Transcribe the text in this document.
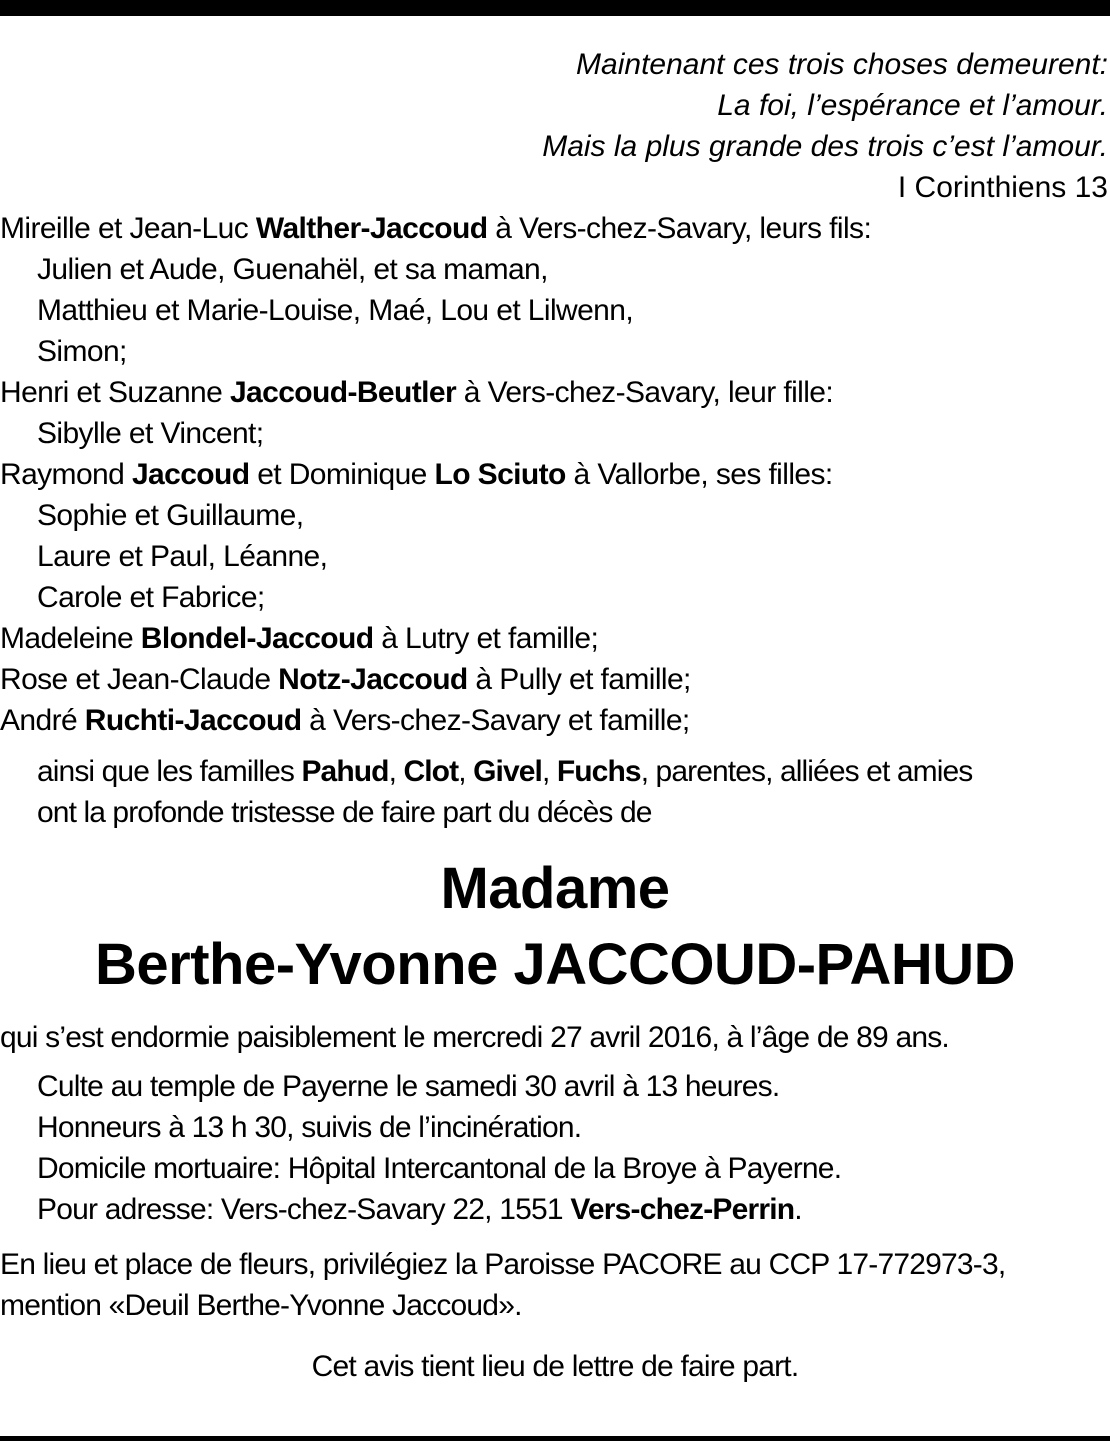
Maintenant ces trois choses demeurent:
La foi, l’espérance et l’amour.
Mais la plus grande des trois c’est l’amour.
I Corinthiens 13
Mireille et Jean-Luc Walther-Jaccoud à Vers-chez-Savary, leurs fils:
Julien et Aude, Guenahël, et sa maman,
Matthieu et Marie-Louise, Maé, Lou et Lilwenn,
Simon;
Henri et Suzanne Jaccoud-Beutler à Vers-chez-Savary, leur fille:
Sibylle et Vincent;
Raymond Jaccoud et Dominique Lo Sciuto à Vallorbe, ses filles:
Sophie et Guillaume,
Laure et Paul, Léanne,
Carole et Fabrice;
Madeleine Blondel-Jaccoud à Lutry et famille;
Rose et Jean-Claude Notz-Jaccoud à Pully et famille;
André Ruchti-Jaccoud à Vers-chez-Savary et famille;
ainsi que les familles Pahud, Clot, Givel, Fuchs, parentes, alliées et amies
ont la profonde tristesse de faire part du décès de
Madame
Berthe-Yvonne JACCOUD-PAHUD
qui s’est endormie paisiblement le mercredi 27 avril 2016, à l’âge de 89 ans.
Culte au temple de Payerne le samedi 30 avril à 13 heures.
Honneurs à 13 h 30, suivis de l’incinération.
Domicile mortuaire: Hôpital Intercantonal de la Broye à Payerne.
Pour adresse: Vers-chez-Savary 22, 1551 Vers-chez-Perrin.
En lieu et place de fleurs, privilégiez la Paroisse PACORE au CCP 17-772973-3,
mention «Deuil Berthe-Yvonne Jaccoud».
Cet avis tient lieu de lettre de faire part.
